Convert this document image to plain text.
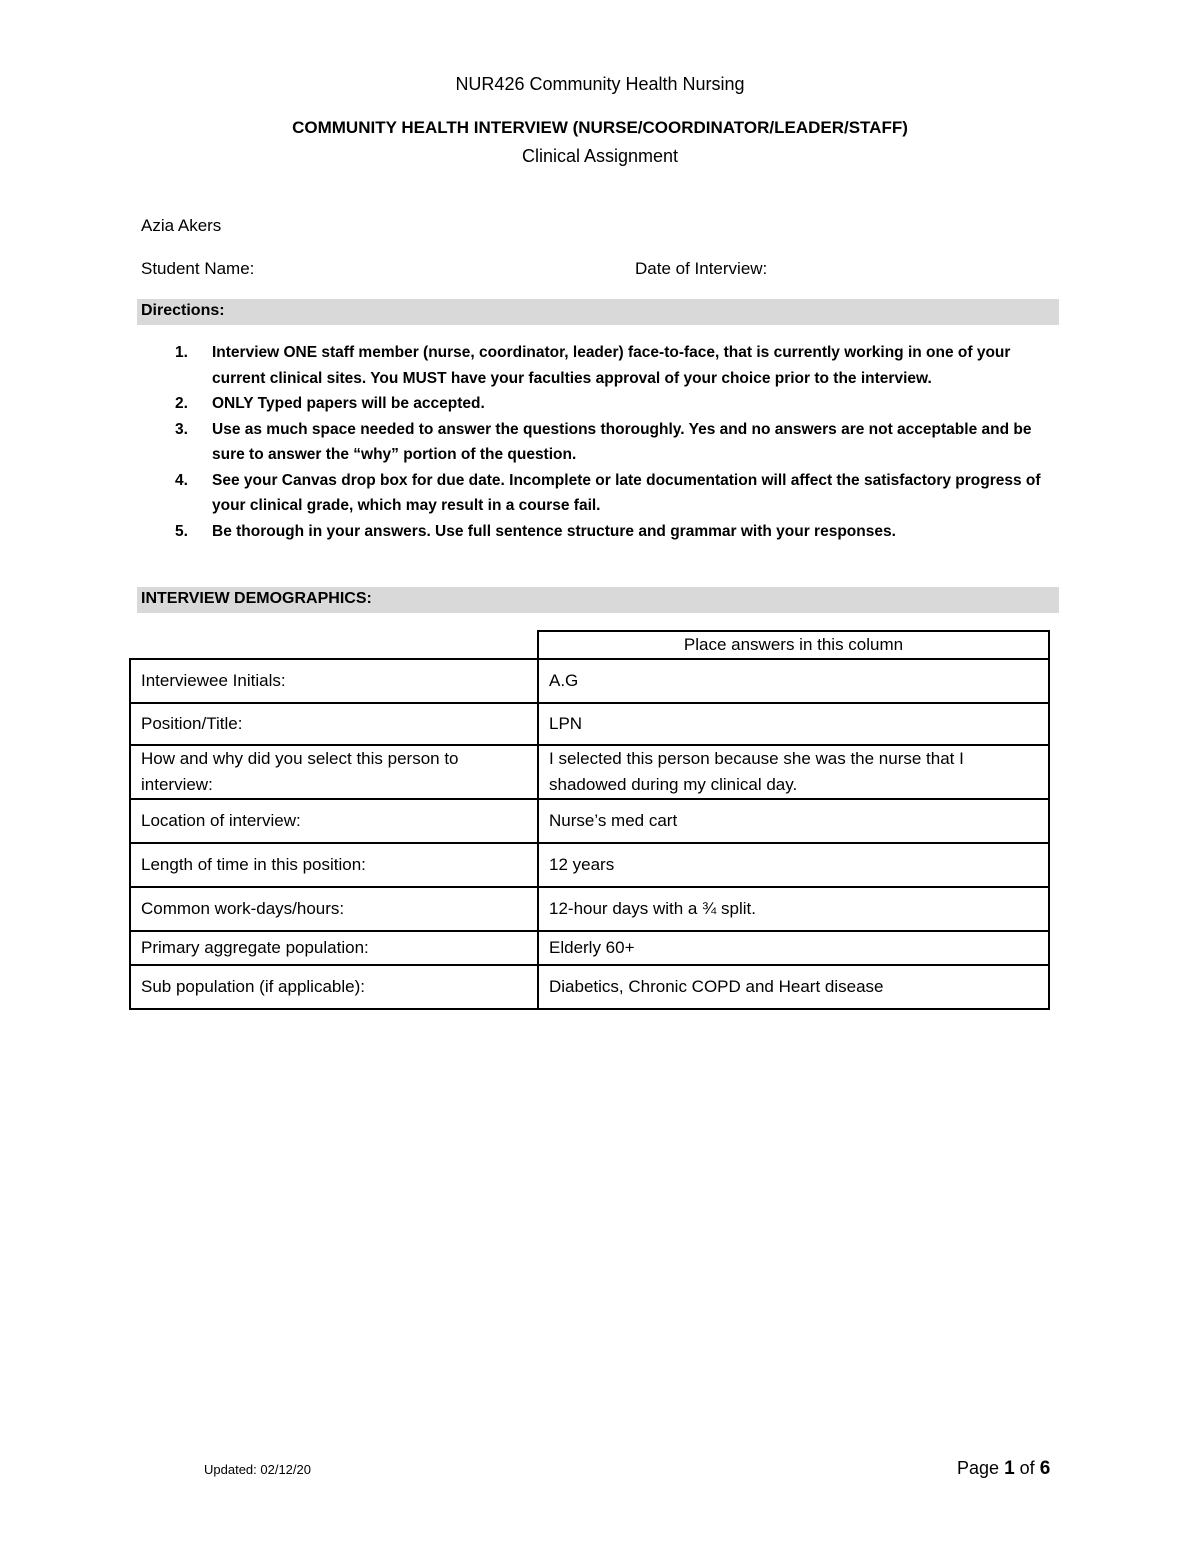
NUR426 Community Health Nursing
COMMUNITY HEALTH INTERVIEW (NURSE/COORDINATOR/LEADER/STAFF)
Clinical Assignment
Azia Akers
Student Name:	Date of Interview:
Directions:
1. Interview ONE staff member (nurse, coordinator, leader) face-to-face, that is currently working in one of your current clinical sites. You MUST have your faculties approval of your choice prior to the interview.
2. ONLY Typed papers will be accepted.
3. Use as much space needed to answer the questions thoroughly. Yes and no answers are not acceptable and be sure to answer the “why” portion of the question.
4. See your Canvas drop box for due date. Incomplete or late documentation will affect the satisfactory progress of your clinical grade, which may result in a course fail.
5. Be thorough in your answers. Use full sentence structure and grammar with your responses.
INTERVIEW DEMOGRAPHICS:
	Place answers in this column
Interviewee Initials:	A.G
Position/Title:	LPN
How and why did you select this person to interview:	I selected this person because she was the nurse that I shadowed during my clinical day.
Location of interview:	Nurse’s med cart
Length of time in this position:	12 years
Common work-days/hours:	12-hour days with a ¾ split.
Primary aggregate population:	Elderly 60+
Sub population (if applicable):	Diabetics, Chronic COPD and Heart disease
Updated: 02/12/20	Page 1 of 6
